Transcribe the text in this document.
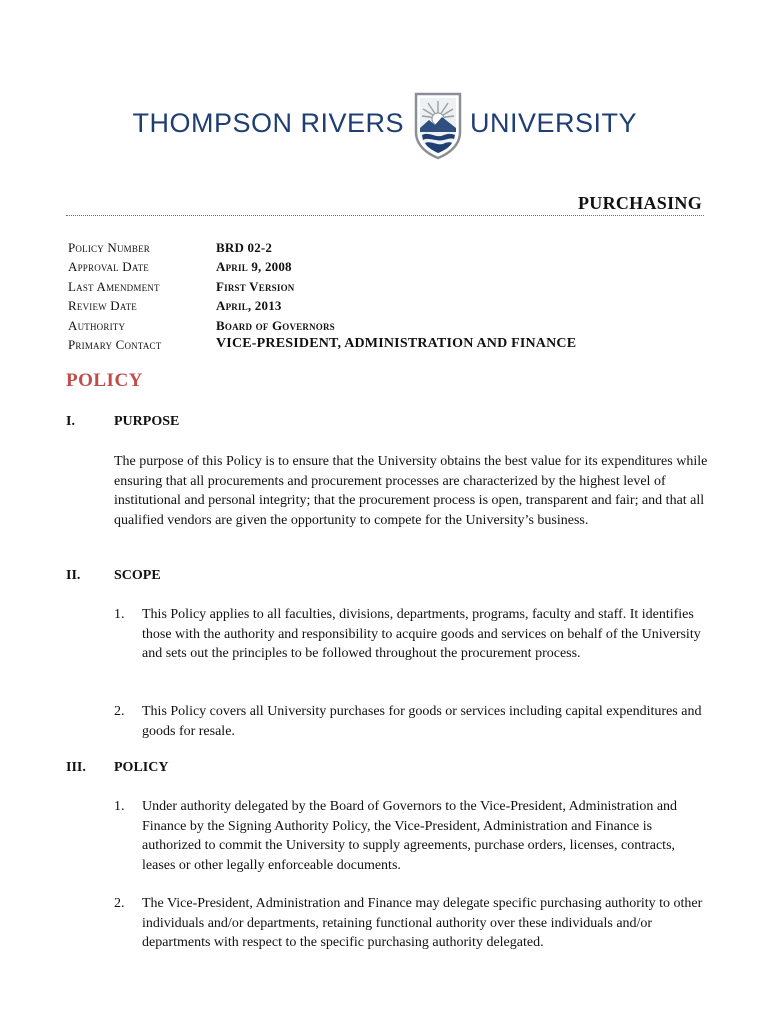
THOMPSON RIVERS UNIVERSITY
PURCHASING
Policy Number	BRD 02-2
Approval Date	April 9, 2008
Last Amendment	First Version
Review Date	April, 2013
Authority	Board of Governors
Primary Contact	VICE-PRESIDENT, ADMINISTRATION AND FINANCE
POLICY
I.	PURPOSE
The purpose of this Policy is to ensure that the University obtains the best value for its expenditures while ensuring that all procurements and procurement processes are characterized by the highest level of institutional and personal integrity; that the procurement process is open, transparent and fair; and that all qualified vendors are given the opportunity to compete for the University’s business.
II. SCOPE
1. This Policy applies to all faculties, divisions, departments, programs, faculty and staff. It identifies those with the authority and responsibility to acquire goods and services on behalf of the University and sets out the principles to be followed throughout the procurement process.
2. This Policy covers all University purchases for goods or services including capital expenditures and goods for resale.
III. POLICY
1. Under authority delegated by the Board of Governors to the Vice-President, Administration and Finance by the Signing Authority Policy, the Vice-President, Administration and Finance is authorized to commit the University to supply agreements, purchase orders, licenses, contracts, leases or other legally enforceable documents.
2. The Vice-President, Administration and Finance may delegate specific purchasing authority to other individuals and/or departments, retaining functional authority over these individuals and/or departments with respect to the specific purchasing authority delegated.
